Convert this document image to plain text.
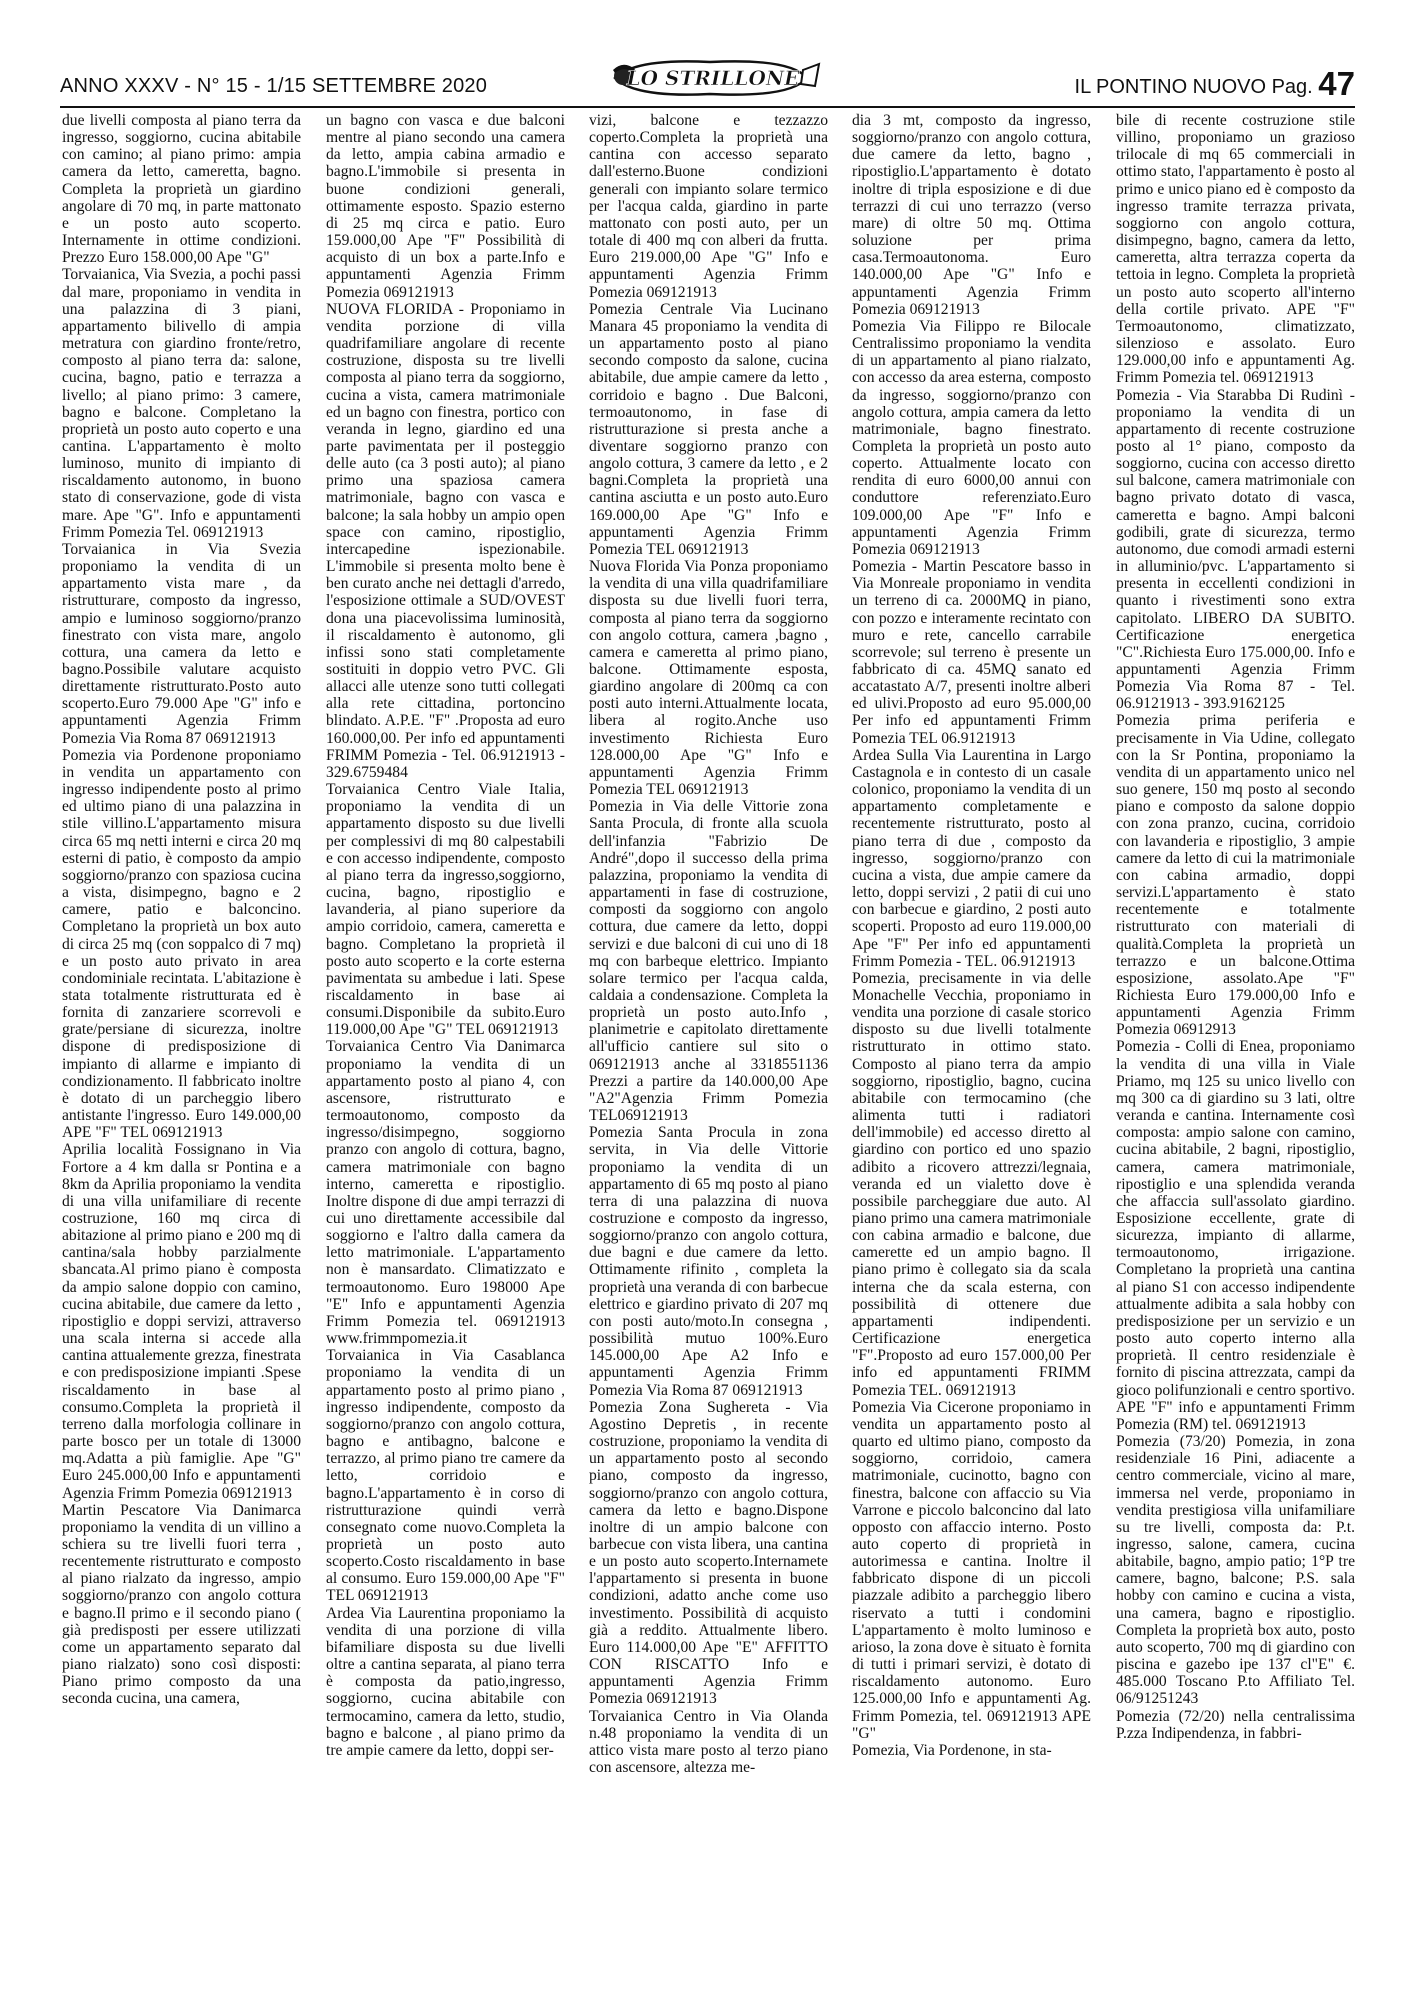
ANNO XXXV - N° 15 - 1/15 SETTEMBRE 2020	IL PONTINO NUOVO Pag. 47
LO STRILLONE

due livelli composta al piano terra da ingresso, soggiorno, cucina abitabile con camino; al piano primo: ampia camera da letto, cameretta, bagno. Completa la proprietà un giardino angolare di 70 mq, in parte mattonato e un posto auto scoperto. Internamente in ottime condizioni. Prezzo Euro 158.000,00 Ape "G"

Torvaianica, Via Svezia, a pochi passi dal mare, proponiamo in vendita in una palazzina di 3 piani, appartamento bilivello di ampia metratura con giardino fronte/retro, composto al piano terra da: salone, cucina, bagno, patio e terrazza a livello; al piano primo: 3 camere, bagno e balcone. Completano la proprietà un posto auto coperto e una cantina. L'appartamento è molto luminoso, munito di impianto di riscaldamento autonomo, in buono stato di conservazione, gode di vista mare. Ape "G". Info e appuntamenti Frimm Pomezia Tel. 069121913

Torvaianica in Via Svezia proponiamo la vendita di un appartamento vista mare , da ristrutturare, composto da ingresso, ampio e luminoso soggiorno/pranzo finestrato con vista mare, angolo cottura, una camera da letto e bagno.Possibile valutare acquisto direttamente ristrutturato.Posto auto scoperto.Euro 79.000 Ape "G" info e appuntamenti Agenzia Frimm Pomezia Via Roma 87 069121913

Pomezia via Pordenone proponiamo in vendita un appartamento con ingresso indipendente posto al primo ed ultimo piano di una palazzina in stile villino.L'appartamento misura circa 65 mq netti interni e circa 20 mq esterni di patio, è composto da ampio soggiorno/pranzo con spaziosa cucina a vista, disimpegno, bagno e 2 camere, patio e balconcino. Completano la proprietà un box auto di circa 25 mq (con soppalco di 7 mq) e un posto auto privato in area condominiale recintata. L'abitazione è stata totalmente ristrutturata ed è fornita di zanzariere scorrevoli e grate/persiane di sicurezza, inoltre dispone di predisposizione di impianto di allarme e impianto di condizionamento. Il fabbricato inoltre è dotato di un parcheggio libero antistante l'ingresso. Euro 149.000,00 APE "F" TEL 069121913

Aprilia località Fossignano in Via Fortore a 4 km dalla sr Pontina e a 8km da Aprilia proponiamo la vendita di una villa unifamiliare di recente costruzione, 160 mq circa di abitazione al primo piano e 200 mq di cantina/sala hobby parzialmente sbancata.Al primo piano è composta da ampio salone doppio con camino, cucina abitabile, due camere da letto , ripostiglio e doppi servizi, attraverso una scala interna si accede alla cantina attualemente grezza, finestrata e con predisposizione impianti .Spese riscaldamento in base al consumo.Completa la proprietà il terreno dalla morfologia collinare in parte bosco per un totale di 13000 mq.Adatta a più famiglie. Ape "G" Euro 245.000,00 Info e appuntamenti Agenzia Frimm Pomezia 069121913

Martin Pescatore Via Danimarca proponiamo la vendita di un villino a schiera su tre livelli fuori terra , recentemente ristrutturato e composto al piano rialzato da ingresso, ampio soggiorno/pranzo con angolo cottura e bagno.Il primo e il secondo piano ( già predisposti per essere utilizzati come un appartamento separato dal piano rialzato) sono così disposti: Piano primo composto da una seconda cucina, una camera,

un bagno con vasca e due balconi mentre al piano secondo una camera da letto, ampia cabina armadio e bagno.L'immobile si presenta in buone condizioni generali, ottimamente esposto. Spazio esterno di 25 mq circa e patio. Euro 159.000,00 Ape "F" Possibilità di acquisto di un box a parte.Info e appuntamenti Agenzia Frimm Pomezia 069121913

NUOVA FLORIDA - Proponiamo in vendita porzione di villa quadrifamiliare angolare di recente costruzione, disposta su tre livelli composta al piano terra da soggiorno, cucina a vista, camera matrimoniale ed un bagno con finestra, portico con veranda in legno, giardino ed una parte pavimentata per il posteggio delle auto (ca 3 posti auto); al piano primo una spaziosa camera matrimoniale, bagno con vasca e balcone; la sala hobby un ampio open space con camino, ripostiglio, intercapedine ispezionabile. L'immobile si presenta molto bene è ben curato anche nei dettagli d'arredo, l'esposizione ottimale a SUD/OVEST dona una piacevolissima luminosità, il riscaldamento è autonomo, gli infissi sono stati completamente sostituiti in doppio vetro PVC. Gli allacci alle utenze sono tutti collegati alla rete cittadina, portoncino blindato. A.P.E. "F" .Proposta ad euro 160.000,00. Per info ed appuntamenti FRIMM Pomezia - Tel. 06.9121913 - 329.6759484

Torvaianica Centro Viale Italia, proponiamo la vendita di un appartamento disposto su due livelli per complessivi di mq 80 calpestabili e con accesso indipendente, composto al piano terra da ingresso,soggiorno, cucina, bagno, ripostiglio e lavanderia, al piano superiore da ampio corridoio, camera, cameretta e bagno. Completano la proprietà il posto auto scoperto e la corte esterna pavimentata su ambedue i lati. Spese riscaldamento in base ai consumi.Disponibile da subito.Euro 119.000,00 Ape "G" TEL 069121913

Torvaianica Centro Via Danimarca proponiamo la vendita di un appartamento posto al piano 4, con ascensore, ristrutturato e termoautonomo, composto da ingresso/disimpegno, soggiorno pranzo con angolo di cottura, bagno, camera matrimoniale con bagno interno, cameretta e ripostiglio. Inoltre dispone di due ampi terrazzi di cui uno direttamente accessibile dal soggiorno e l'altro dalla camera da letto matrimoniale. L'appartamento non è mansardato. Climatizzato e termoautonomo. Euro 198000 Ape "E" Info e appuntamenti Agenzia Frimm Pomezia tel. 069121913 www.frimmpomezia.it

Torvaianica in Via Casablanca proponiamo la vendita di un appartamento posto al primo piano , ingresso indipendente, composto da soggiorno/pranzo con angolo cottura, bagno e antibagno, balcone e terrazzo, al primo piano tre camere da letto, corridoio e bagno.L'appartamento è in corso di ristrutturazione quindi verrà consegnato come nuovo.Completa la proprietà un posto auto scoperto.Costo riscaldamento in base al consumo. Euro 159.000,00 Ape "F" TEL 069121913

Ardea Via Laurentina proponiamo la vendita di una porzione di villa bifamiliare disposta su due livelli oltre a cantina separata, al piano terra è composta da patio,ingresso, soggiorno, cucina abitabile con termocamino, camera da letto, studio, bagno e balcone , al piano primo da tre ampie camere da letto, doppi ser-

vizi, balcone e tezzazzo coperto.Completa la proprietà una cantina con accesso separato dall'esterno.Buone condizioni generali con impianto solare termico per l'acqua calda, giardino in parte mattonato con posti auto, per un totale di 400 mq con alberi da frutta. Euro 219.000,00 Ape "G" Info e appuntamenti Agenzia Frimm Pomezia 069121913

Pomezia Centrale Via Lucinano Manara 45 proponiamo la vendita di un appartamento posto al piano secondo composto da salone, cucina abitabile, due ampie camere da letto , corridoio e bagno . Due Balconi, termoautonomo, in fase di ristrutturazione si presta anche a diventare soggiorno pranzo con angolo cottura, 3 camere da letto , e 2 bagni.Completa la proprietà una cantina asciutta e un posto auto.Euro 169.000,00 Ape "G" Info e appuntamenti Agenzia Frimm Pomezia TEL 069121913

Nuova Florida Via Ponza proponiamo la vendita di una villa quadrifamiliare disposta su due livelli fuori terra, composta al piano terra da soggiorno con angolo cottura, camera ,bagno , camera e cameretta al primo piano, balcone. Ottimamente esposta, giardino angolare di 200mq ca con posti auto interni.Attualmente locata, libera al rogito.Anche uso investimento Richiesta Euro 128.000,00 Ape "G" Info e appuntamenti Agenzia Frimm Pomezia TEL 069121913

Pomezia in Via delle Vittorie zona Santa Procula, di fronte alla scuola dell'infanzia "Fabrizio De André",dopo il successo della prima palazzina, proponiamo la vendita di appartamenti in fase di costruzione, composti da soggiorno con angolo cottura, due camere da letto, doppi servizi e due balconi di cui uno di 18 mq con barbeque elettrico. Impianto solare termico per l'acqua calda, caldaia a condensazione. Completa la proprietà un posto auto.Info , planimetrie e capitolato direttamente all'ufficio cantiere sul sito o 069121913 anche al 3318551136 Prezzi a partire da 140.000,00 Ape "A2"Agenzia Frimm Pomezia TEL069121913

Pomezia Santa Procula in zona servita, in Via delle Vittorie proponiamo la vendita di un appartamento di 65 mq posto al piano terra di una palazzina di nuova costruzione e composto da ingresso, soggiorno/pranzo con angolo cottura, due bagni e due camere da letto. Ottimamente rifinito , completa la proprietà una veranda di con barbecue elettrico e giardino privato di 207 mq con posti auto/moto.In consegna , possibilità mutuo 100%.Euro 145.000,00 Ape A2 Info e appuntamenti Agenzia Frimm Pomezia Via Roma 87 069121913

Pomezia Zona Sughereta - Via Agostino Depretis , in recente costruzione, proponiamo la vendita di un appartamento posto al secondo piano, composto da ingresso, soggiorno/pranzo con angolo cottura, camera da letto e bagno.Dispone inoltre di un ampio balcone con barbecue con vista libera, una cantina e un posto auto scoperto.Internamete l'appartamento si presenta in buone condizioni, adatto anche come uso investimento. Possibilità di acquisto già a reddito. Attualmente libero. Euro 114.000,00 Ape "E" AFFITTO CON RISCATTO Info e appuntamenti Agenzia Frimm Pomezia 069121913

Torvaianica Centro in Via Olanda n.48 proponiamo la vendita di un attico vista mare posto al terzo piano con ascensore, altezza me-

dia 3 mt, composto da ingresso, soggiorno/pranzo con angolo cottura, due camere da letto, bagno , ripostiglio.L'appartamento è dotato inoltre di tripla esposizione e di due terrazzi di cui uno terrazzo (verso mare) di oltre 50 mq. Ottima soluzione per prima casa.Termoautonoma. Euro 140.000,00 Ape "G" Info e appuntamenti Agenzia Frimm Pomezia 069121913

Pomezia Via Filippo re Bilocale Centralissimo proponiamo la vendita di un appartamento al piano rialzato, con accesso da area esterna, composto da ingresso, soggiorno/pranzo con angolo cottura, ampia camera da letto matrimoniale, bagno finestrato. Completa la proprietà un posto auto coperto. Attualmente locato con rendita di euro 6000,00 annui con conduttore referenziato.Euro 109.000,00 Ape "F" Info e appuntamenti Agenzia Frimm Pomezia 069121913

Pomezia - Martin Pescatore basso in Via Monreale proponiamo in vendita un terreno di ca. 2000MQ in piano, con pozzo e interamente recintato con muro e rete, cancello carrabile scorrevole; sul terreno è presente un fabbricato di ca. 45MQ sanato ed accatastato A/7, presenti inoltre alberi ed ulivi.Proposto ad euro 95.000,00 Per info ed appuntamenti Frimm Pomezia TEL 06.9121913

Ardea Sulla Via Laurentina in Largo Castagnola e in contesto di un casale colonico, proponiamo la vendita di un appartamento completamente e recentemente ristrutturato, posto al piano terra di due , composto da ingresso, soggiorno/pranzo con cucina a vista, due ampie camere da letto, doppi servizi , 2 patii di cui uno con barbecue e giardino, 2 posti auto scoperti. Proposto ad euro 119.000,00 Ape "F" Per info ed appuntamenti Frimm Pomezia - TEL. 06.9121913

Pomezia, precisamente in via delle Monachelle Vecchia, proponiamo in vendita una porzione di casale storico disposto su due livelli totalmente ristrutturato in ottimo stato. Composto al piano terra da ampio soggiorno, ripostiglio, bagno, cucina abitabile con termocamino (che alimenta tutti i radiatori dell'immobile) ed accesso diretto al giardino con portico ed uno spazio adibito a ricovero attrezzi/legnaia, veranda ed un vialetto dove è possibile parcheggiare due auto. Al piano primo una camera matrimoniale con cabina armadio e balcone, due camerette ed un ampio bagno. Il piano primo è collegato sia da scala interna che da scala esterna, con possibilità di ottenere due appartamenti indipendenti. Certificazione energetica "F".Proposto ad euro 157.000,00 Per info ed appuntamenti FRIMM Pomezia TEL. 069121913

Pomezia Via Cicerone proponiamo in vendita un appartamento posto al quarto ed ultimo piano, composto da soggiorno, corridoio, camera matrimoniale, cucinotto, bagno con finestra, balcone con affaccio su Via Varrone e piccolo balconcino dal lato opposto con affaccio interno. Posto auto coperto di proprietà in autorimessa e cantina. Inoltre il fabbricato dispone di un piccoli piazzale adibito a parcheggio libero riservato a tutti i condomini L'appartamento è molto luminoso e arioso, la zona dove è situato è fornita di tutti i primari servizi, è dotato di riscaldamento autonomo. Euro 125.000,00 Info e appuntamenti Ag. Frimm Pomezia, tel. 069121913 APE "G"

Pomezia, Via Pordenone, in sta-

bile di recente costruzione stile villino, proponiamo un grazioso trilocale di mq 65 commerciali in ottimo stato, l'appartamento è posto al primo e unico piano ed è composto da ingresso tramite terrazza privata, soggiorno con angolo cottura, disimpegno, bagno, camera da letto, cameretta, altra terrazza coperta da tettoia in legno. Completa la proprietà un posto auto scoperto all'interno della cortile privato. APE "F" Termoautonomo, climatizzato, silenzioso e assolato. Euro 129.000,00 info e appuntamenti Ag. Frimm Pomezia tel. 069121913

Pomezia - Via Starabba Di Rudinì - proponiamo la vendita di un appartamento di recente costruzione posto al 1° piano, composto da soggiorno, cucina con accesso diretto sul balcone, camera matrimoniale con bagno privato dotato di vasca, cameretta e bagno. Ampi balconi godibili, grate di sicurezza, termo autonomo, due comodi armadi esterni in alluminio/pvc. L'appartamento si presenta in eccellenti condizioni in quanto i rivestimenti sono extra capitolato. LIBERO DA SUBITO. Certificazione energetica "C".Richiesta Euro 175.000,00. Info e appuntamenti Agenzia Frimm Pomezia Via Roma 87 - Tel. 06.9121913 - 393.9162125

Pomezia prima periferia e precisamente in Via Udine, collegato con la Sr Pontina, proponiamo la vendita di un appartamento unico nel suo genere, 150 mq posto al secondo piano e composto da salone doppio con zona pranzo, cucina, corridoio con lavanderia e ripostiglio, 3 ampie camere da letto di cui la matrimoniale con cabina armadio, doppi servizi.L'appartamento è stato recentemente e totalmente ristrutturato con materiali di qualità.Completa la proprietà un terrazzo e un balcone.Ottima esposizione, assolato.Ape "F" Richiesta Euro 179.000,00 Info e appuntamenti Agenzia Frimm Pomezia 06912913

Pomezia - Colli di Enea, proponiamo la vendita di una villa in Viale Priamo, mq 125 su unico livello con mq 300 ca di giardino su 3 lati, oltre veranda e cantina. Internamente così composta: ampio salone con camino, cucina abitabile, 2 bagni, ripostiglio, camera, camera matrimoniale, ripostiglio e una splendida veranda che affaccia sull'assolato giardino. Esposizione eccellente, grate di sicurezza, impianto di allarme, termoautonomo, irrigazione. Completano la proprietà una cantina al piano S1 con accesso indipendente attualmente adibita a sala hobby con predisposizione per un servizio e un posto auto coperto interno alla proprietà. Il centro residenziale è fornito di piscina attrezzata, campi da gioco polifunzionali e centro sportivo. APE "F" info e appuntamenti Frimm Pomezia (RM) tel. 069121913

Pomezia (73/20) Pomezia, in zona residenziale 16 Pini, adiacente a centro commerciale, vicino al mare, immersa nel verde, proponiamo in vendita prestigiosa villa unifamiliare su tre livelli, composta da: P.t. ingresso, salone, camera, cucina abitabile, bagno, ampio patio; 1°P tre camere, bagno, balcone; P.S. sala hobby con camino e cucina a vista, una camera, bagno e ripostiglio. Completa la proprietà box auto, posto auto scoperto, 700 mq di giardino con piscina e gazebo ipe 137 cl"E" €. 485.000 Toscano P.to Affiliato Tel. 06/91251243

Pomezia (72/20) nella centralissima P.zza Indipendenza, in fabbri-
